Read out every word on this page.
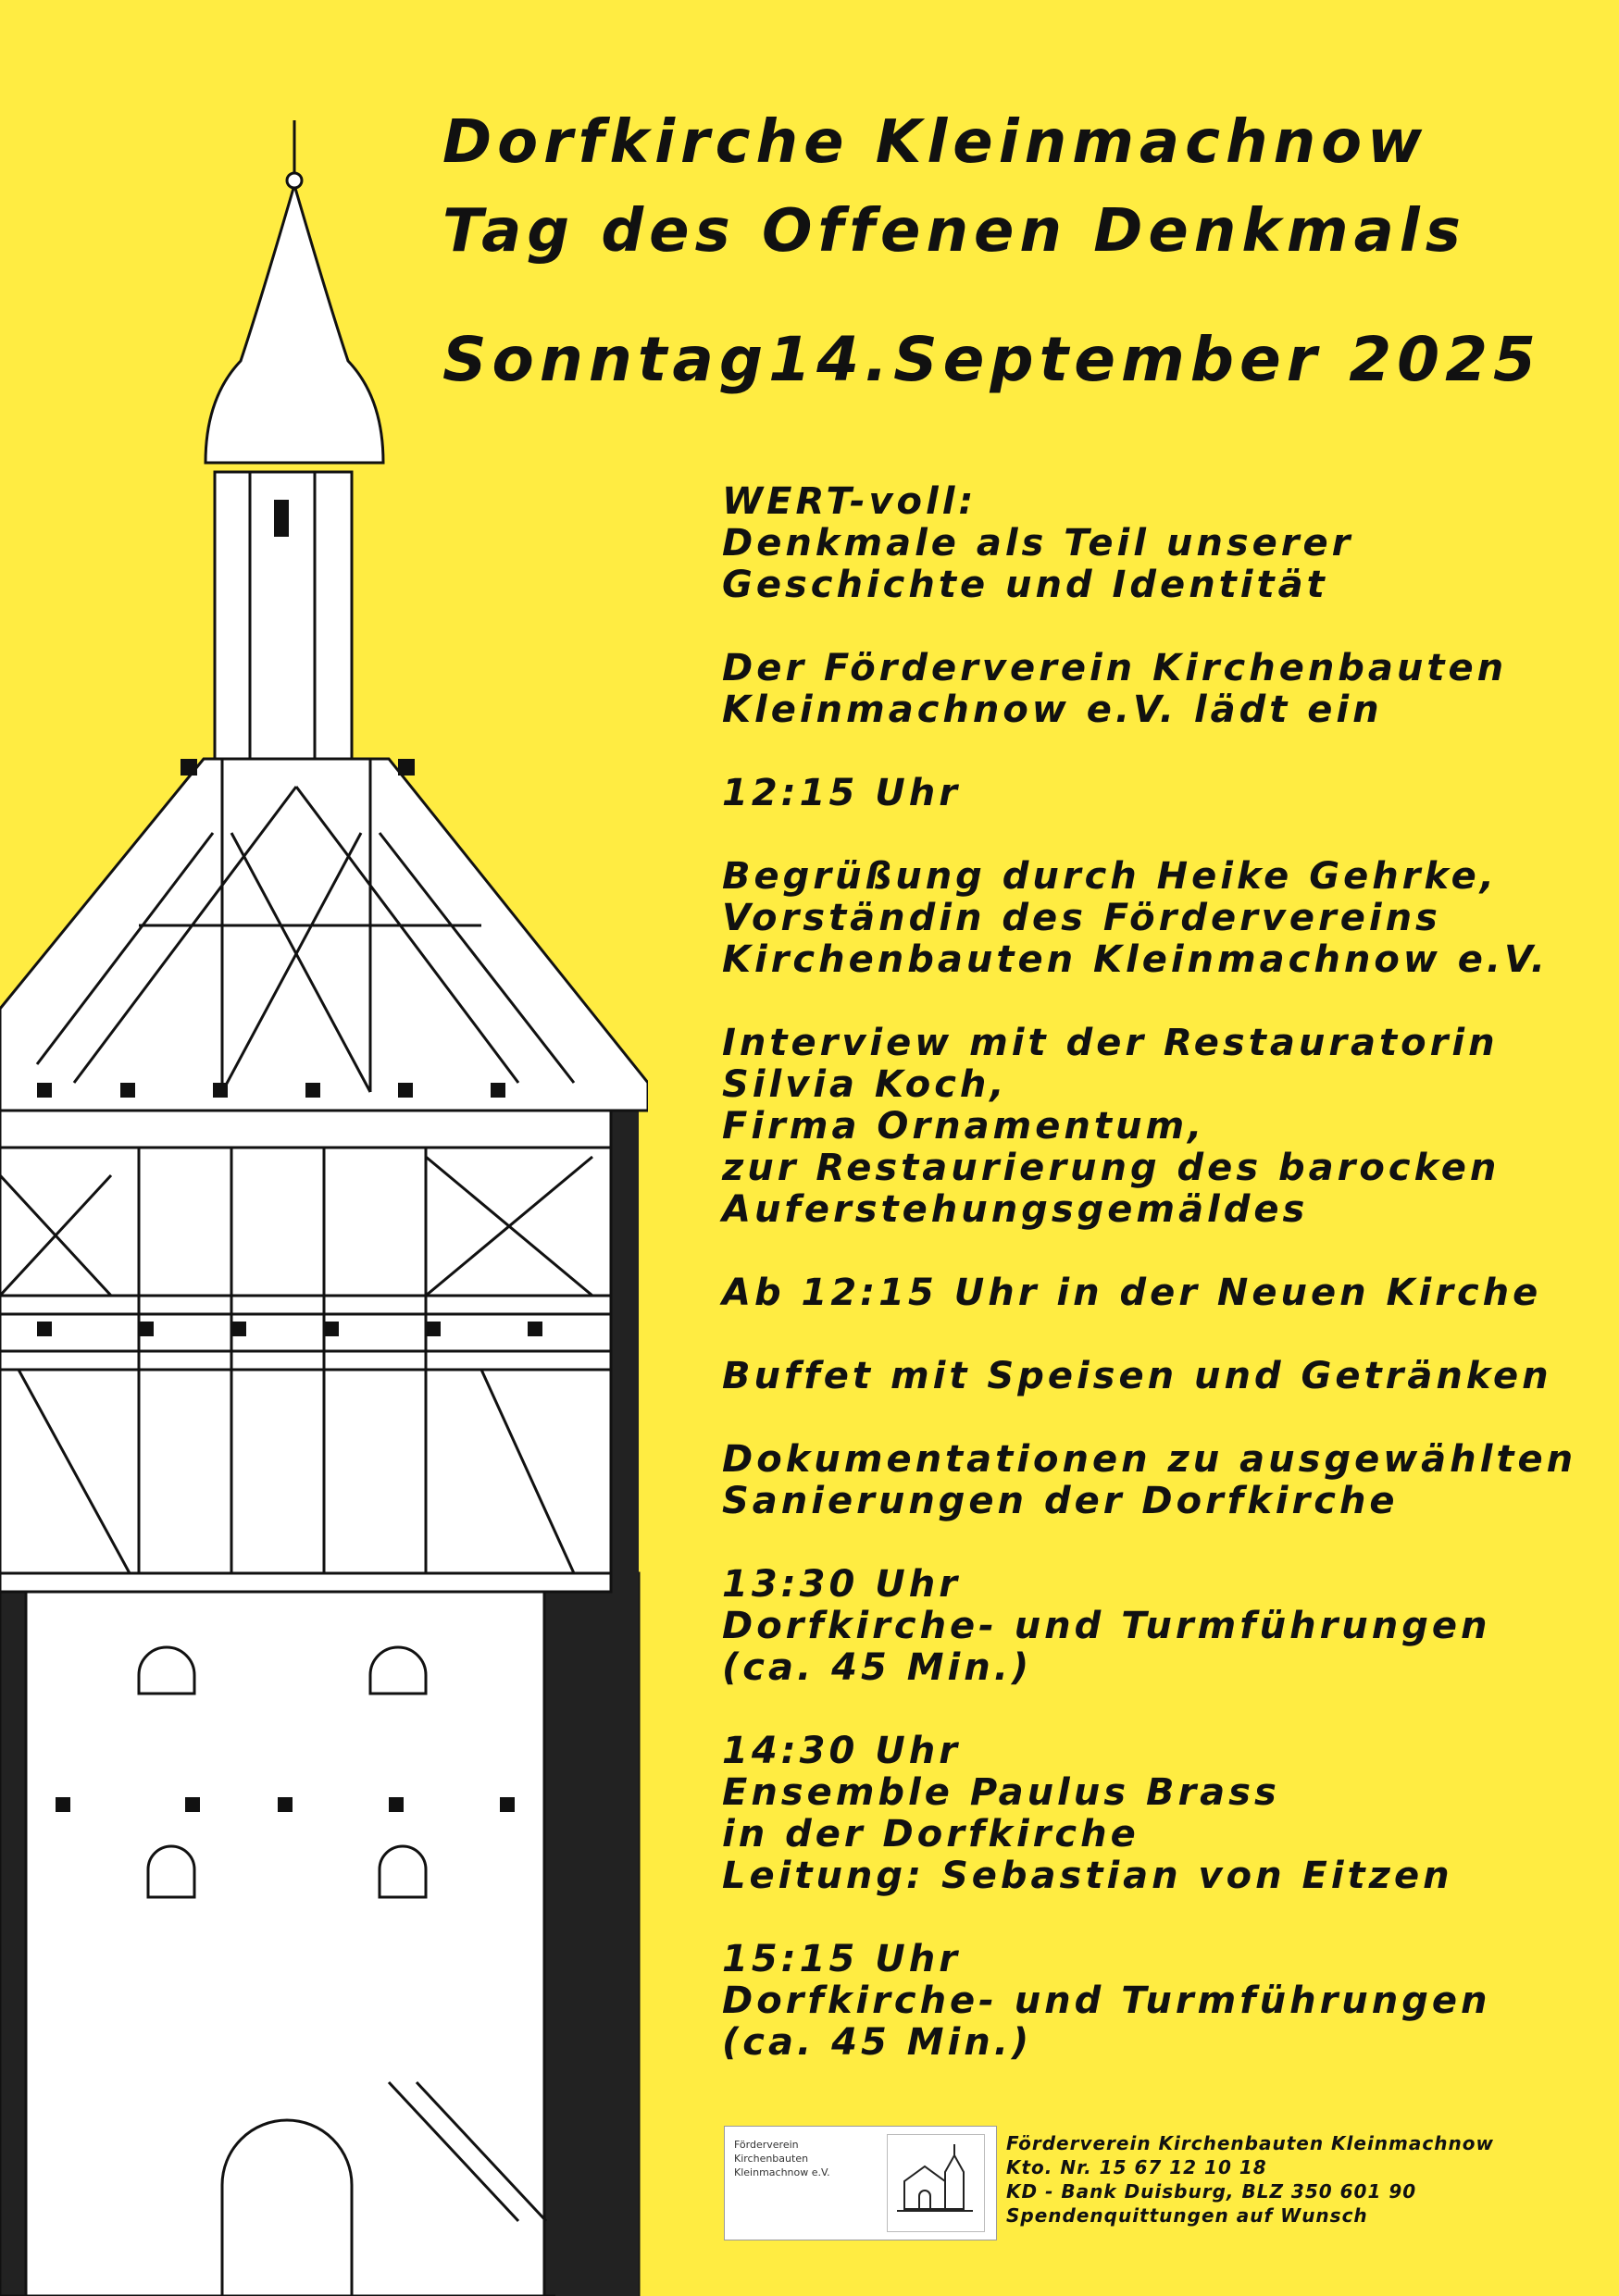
Dorfkirche Kleinmachnow
Tag des Offenen Denkmals
Sonntag14.September 2025
WERT-voll:
Denkmale als Teil unserer
Geschichte und Identität
Der Förderverein Kirchenbauten
Kleinmachnow e.V. lädt ein
12:15 Uhr
Begrüßung durch Heike Gehrke,
Vorständin des Fördervereins
Kirchenbauten Kleinmachnow e.V.
Interview mit der Restauratorin
Silvia Koch,
Firma Ornamentum,
zur Restaurierung des barocken
Auferstehungsgemäldes
Ab 12:15 Uhr in der Neuen Kirche
Buffet mit Speisen und Getränken
Dokumentationen zu ausgewählten
Sanierungen der Dorfkirche
13:30 Uhr
Dorfkirche- und Turmführungen
(ca. 45 Min.)
14:30 Uhr
Ensemble Paulus Brass
in der Dorfkirche
Leitung: Sebastian von Eitzen
15:15 Uhr
Dorfkirche- und Turmführungen
(ca. 45 Min.)
Förderverein
Kirchenbauten
Kleinmachnow e.V.
Förderverein Kirchenbauten Kleinmachnow
Kto. Nr. 15 67 12 10 18
KD - Bank Duisburg, BLZ 350 601 90
Spendenquittungen auf Wunsch
